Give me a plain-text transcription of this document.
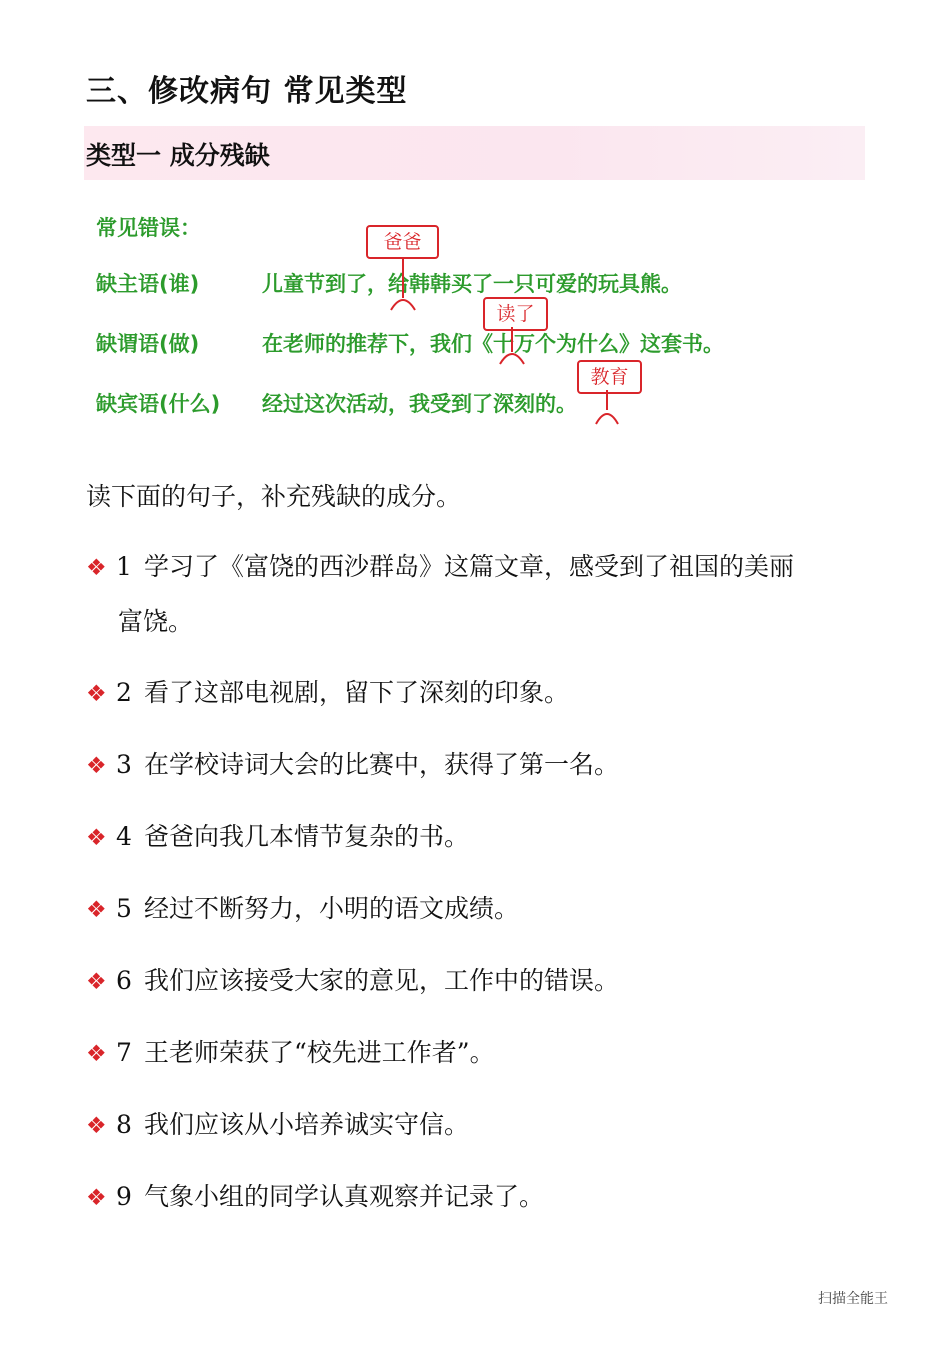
三、修改病句 常见类型
类型一 成分残缺
常见错误：
缺主语(谁)	儿童节到了，给韩韩买了一只可爱的玩具熊。
爸爸
缺谓语(做)	在老师的推荐下，我们《十万个为什么》这套书。
读了
缺宾语(什么) 经过这次活动，我受到了深刻的。
教育
读下面的句子，补充残缺的成分。
❖ 1 学习了《富饶的西沙群岛》这篇文章，感受到了祖国的美丽
富饶。
❖ 2 看了这部电视剧，留下了深刻的印象。
❖ 3 在学校诗词大会的比赛中，获得了第一名。
❖ 4 爸爸向我几本情节复杂的书。
❖ 5 经过不断努力，小明的语文成绩。
❖ 6 我们应该接受大家的意见，工作中的错误。
❖ 7 王老师荣获了“校先进工作者”。
❖ 8 我们应该从小培养诚实守信。
❖ 9 气象小组的同学认真观察并记录了。
扫描全能王
